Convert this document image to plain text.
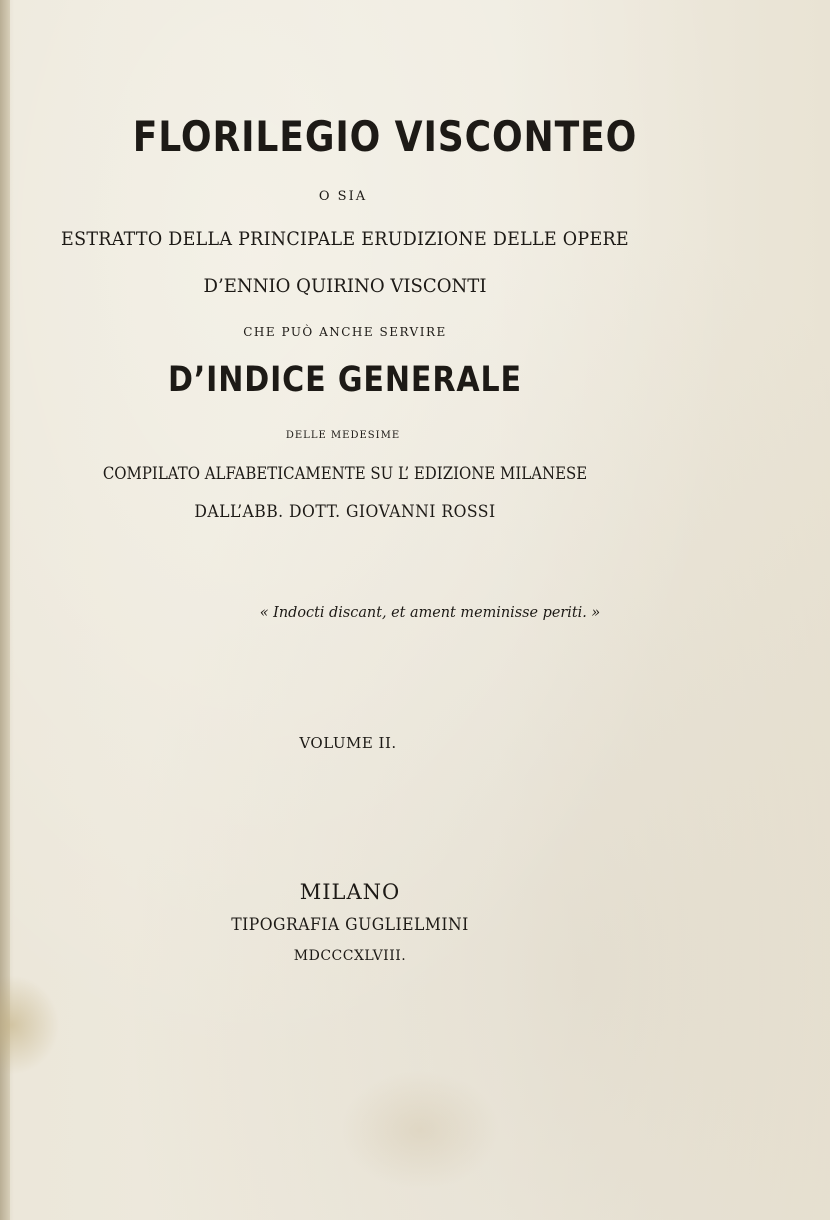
FLORILEGIO VISCONTEO
O SIA
ESTRATTO DELLA PRINCIPALE ERUDIZIONE DELLE OPERE
D’ENNIO QUIRINO VISCONTI
CHE PUÒ ANCHE SERVIRE
D’INDICE GENERALE
DELLE MEDESIME
COMPILATO ALFABETICAMENTE SU L’ EDIZIONE MILANESE
DALL’ABB. DOTT. GIOVANNI ROSSI
« Indocti discant, et ament meminisse periti. »
VOLUME II.
MILANO
TIPOGRAFIA GUGLIELMINI
MDCCCXLVIII.
